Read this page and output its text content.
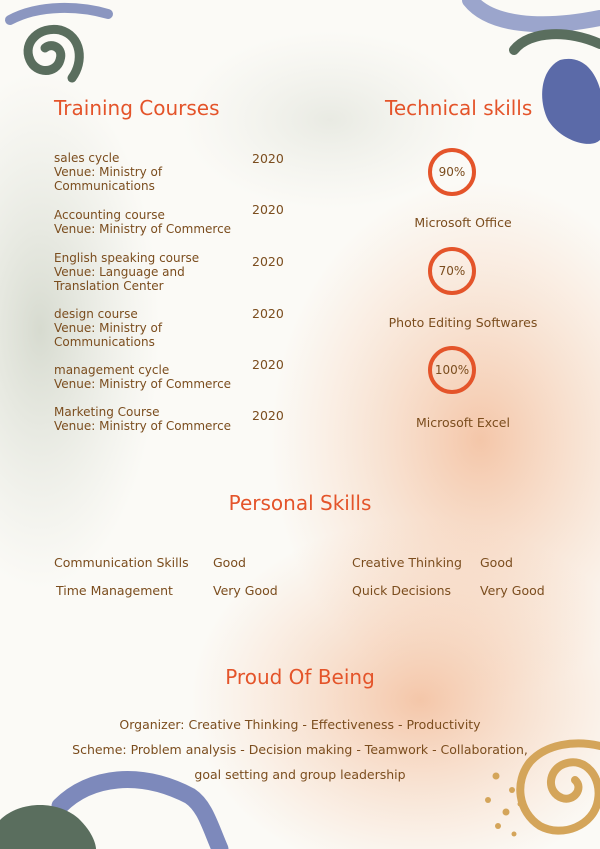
Training Courses
sales cycle
Venue: Ministry of
Communications
2020
Accounting course
Venue: Ministry of Commerce
2020
English speaking course
Venue: Language and
Translation Center
2020
design course
Venue: Ministry of
Communications
2020
management cycle
Venue: Ministry of Commerce
2020
Marketing Course
Venue: Ministry of Commerce
2020
Technical skills
90%
Microsoft Office
70%
Photo Editing Softwares
100%
Microsoft Excel
Personal Skills
Communication Skills Good	Creative Thinking Good
Time Management	Very Good	Quick Decisions Very Good
Proud Of Being
Organizer: Creative Thinking - Effectiveness - Productivity
Scheme: Problem analysis - Decision making - Teamwork - Collaboration,
goal setting and group leadership
